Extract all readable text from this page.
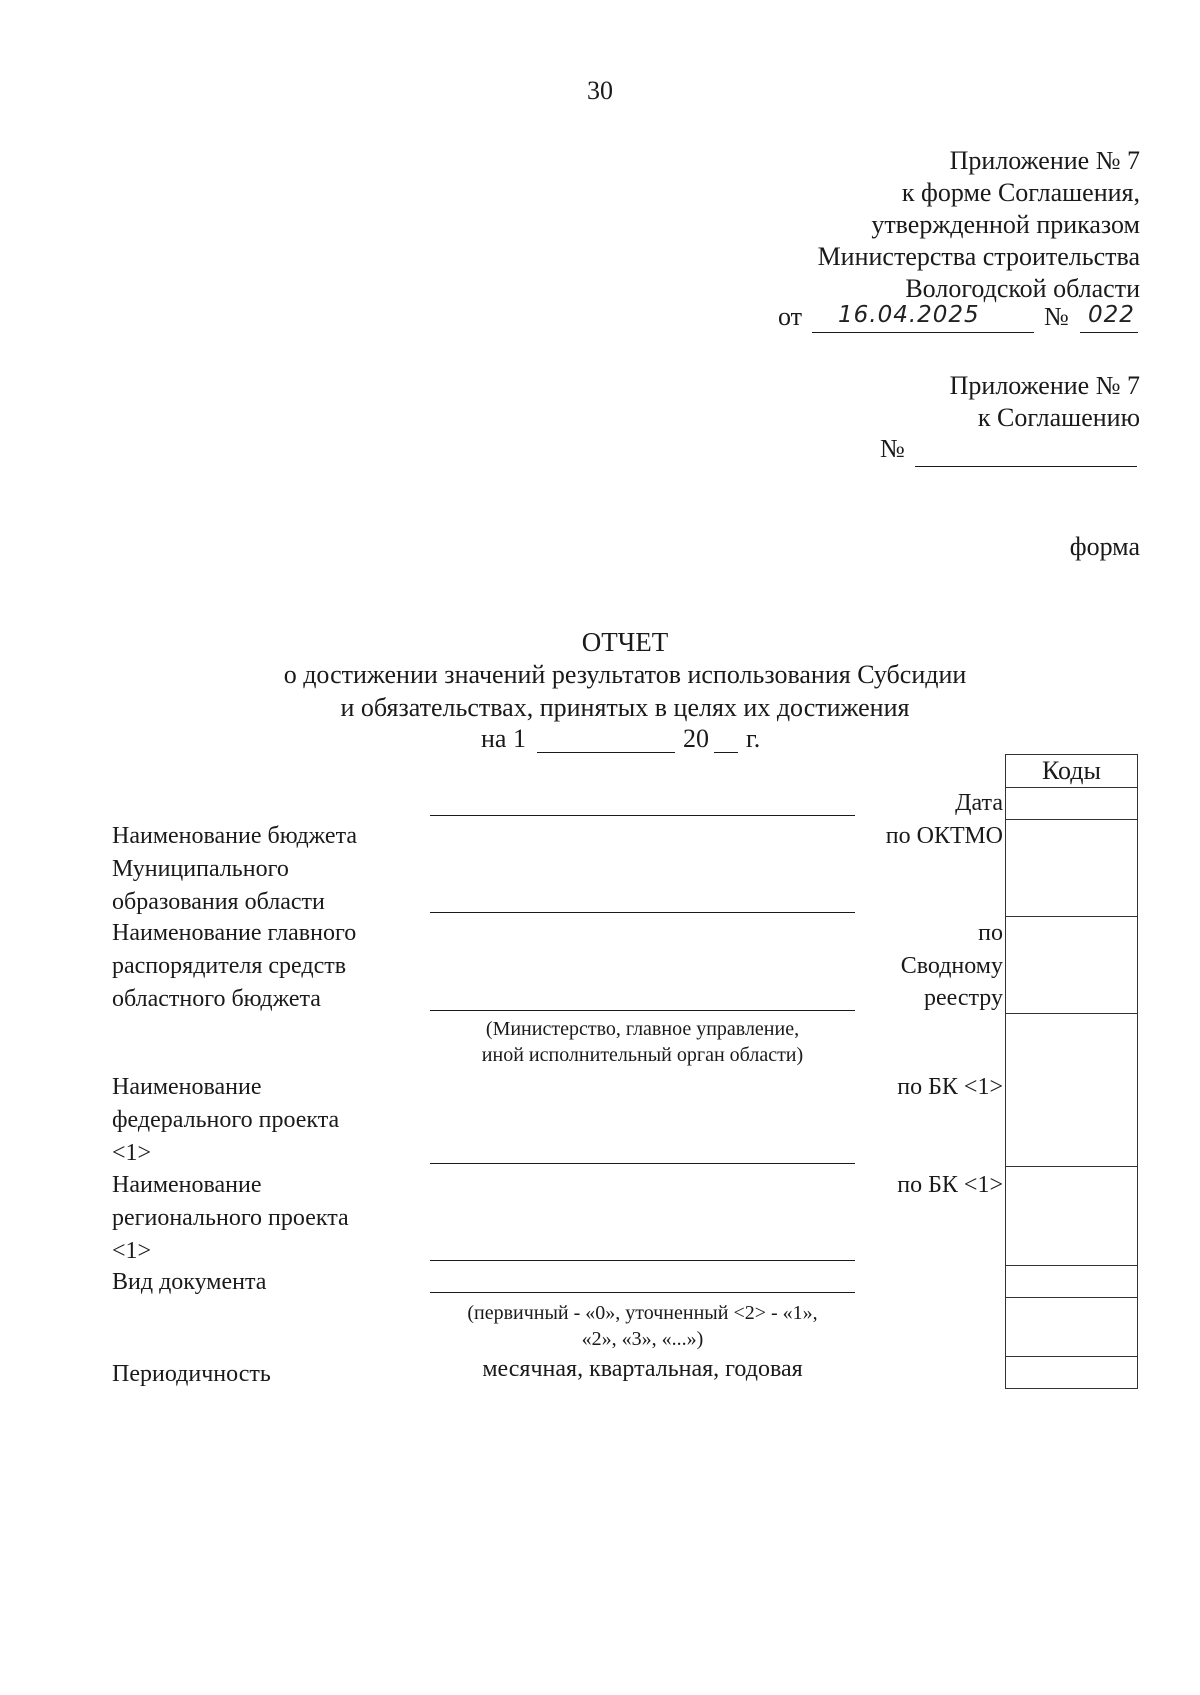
30
Приложение № 7
к форме Соглашения,
утвержденной приказом
Министерства строительства
Вологодской области
от 16.04.2025 № 022
Приложение № 7
к Соглашению
№
форма
ОТЧЕТ
о достижении значений результатов использования Субсидии
и обязательствах, принятых в целях их достижения
на 1	20 г.
Коды
Дата
по ОКТМО
по
Сводному
реестру
по БК <1>
по БК <1>
Наименование бюджета
Муниципального
образования области
Наименование главного
распорядителя средств
областного бюджета
Наименование
федерального проекта
<1>
Наименование
регионального проекта
<1>
Вид документа
Периодичность
(Министерство, главное управление,
иной исполнительный орган области)
(первичный - «0», уточненный <2> - «1»,
«2», «3», «...»)
месячная, квартальная, годовая
